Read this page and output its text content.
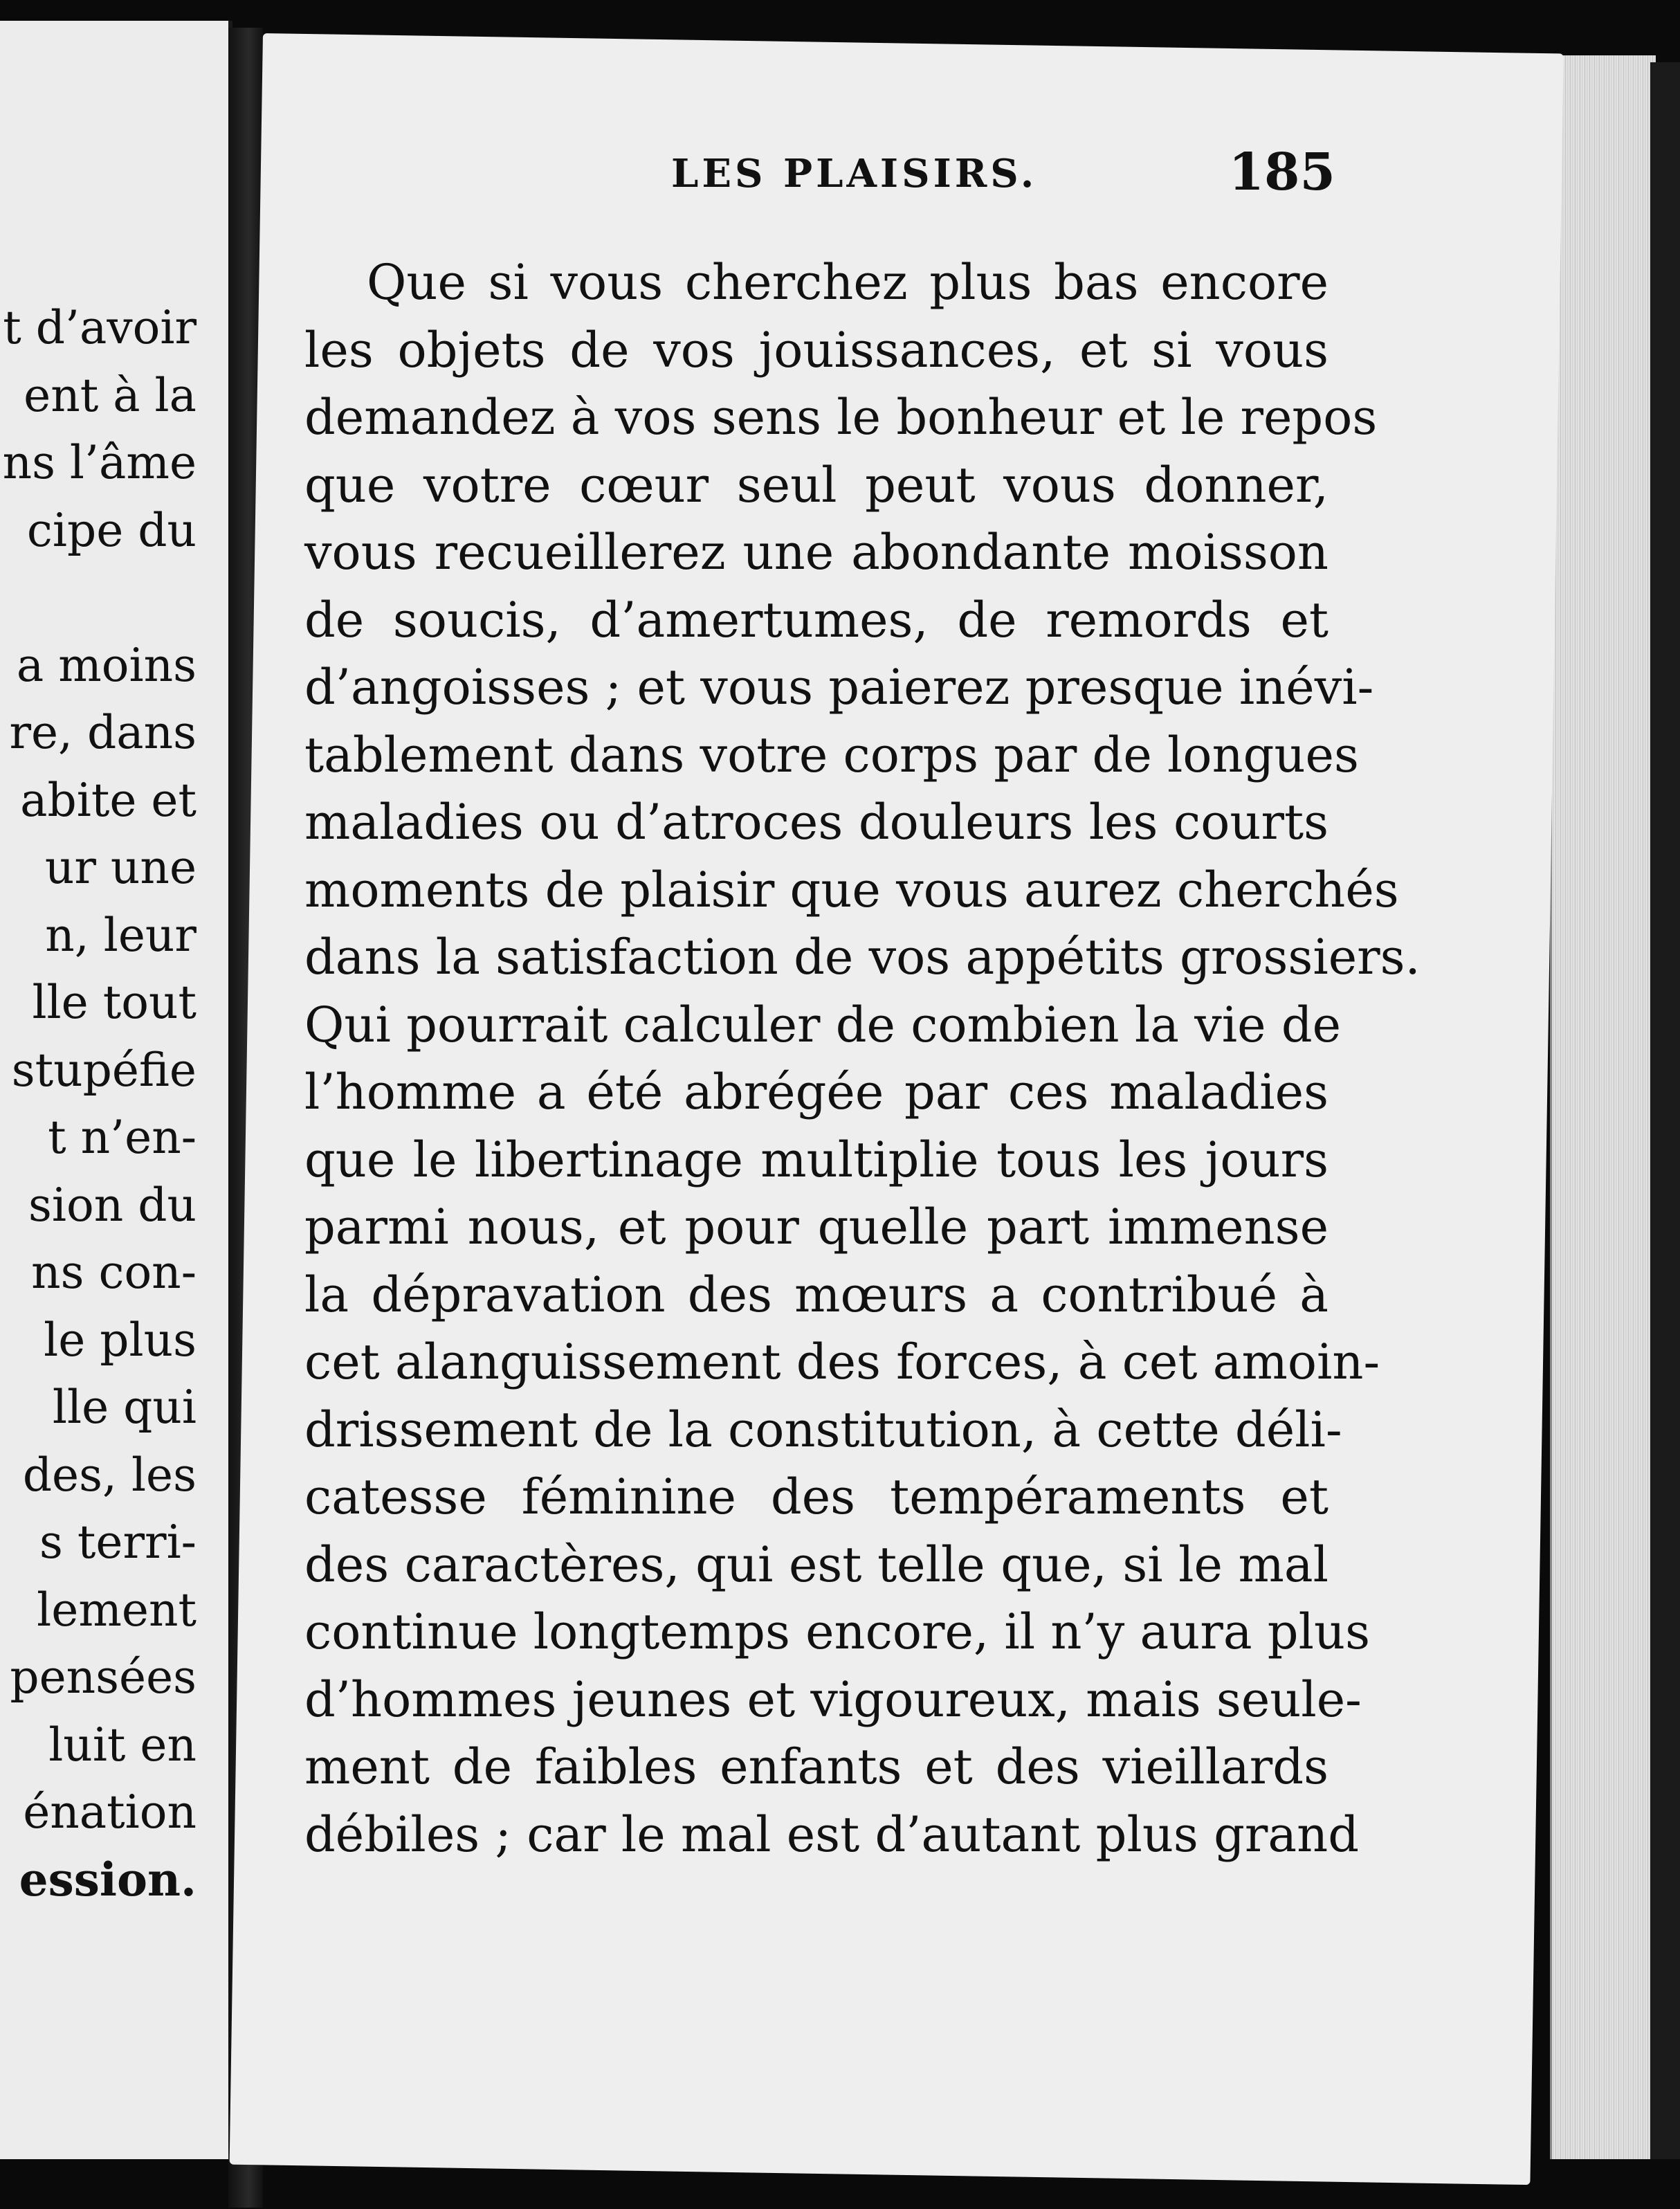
t d’avoir
ent à la
ns l’âme
cipe du
a moins
re, dans
abite et
ur une
n, leur
lle tout
stupéfie
t n’en-
sion du
ns con-
le plus
lle qui
des, les
s terri-
lement
pensées
luit en
énation
ession.
LES PLAISIRS.	185
Que si vous cherchez plus bas encore
les objets de vos jouissances, et si vous
demandez à vos sens le bonheur et le repos
que votre cœur seul peut vous donner,
vous recueillerez une abondante moisson
de soucis, d’amertumes, de remords et
d’angoisses ; et vous paierez presque inévi-
tablement dans votre corps par de longues
maladies ou d’atroces douleurs les courts
moments de plaisir que vous aurez cherchés
dans la satisfaction de vos appétits grossiers.
Qui pourrait calculer de combien la vie de
l’homme a été abrégée par ces maladies
que le libertinage multiplie tous les jours
parmi nous, et pour quelle part immense
la dépravation des mœurs a contribué à
cet alanguissement des forces, à cet amoin-
drissement de la constitution, à cette déli-
catesse féminine des tempéraments et
des caractères, qui est telle que, si le mal
continue longtemps encore, il n’y aura plus
d’hommes jeunes et vigoureux, mais seule-
ment de faibles enfants et des vieillards
débiles ; car le mal est d’autant plus grand
